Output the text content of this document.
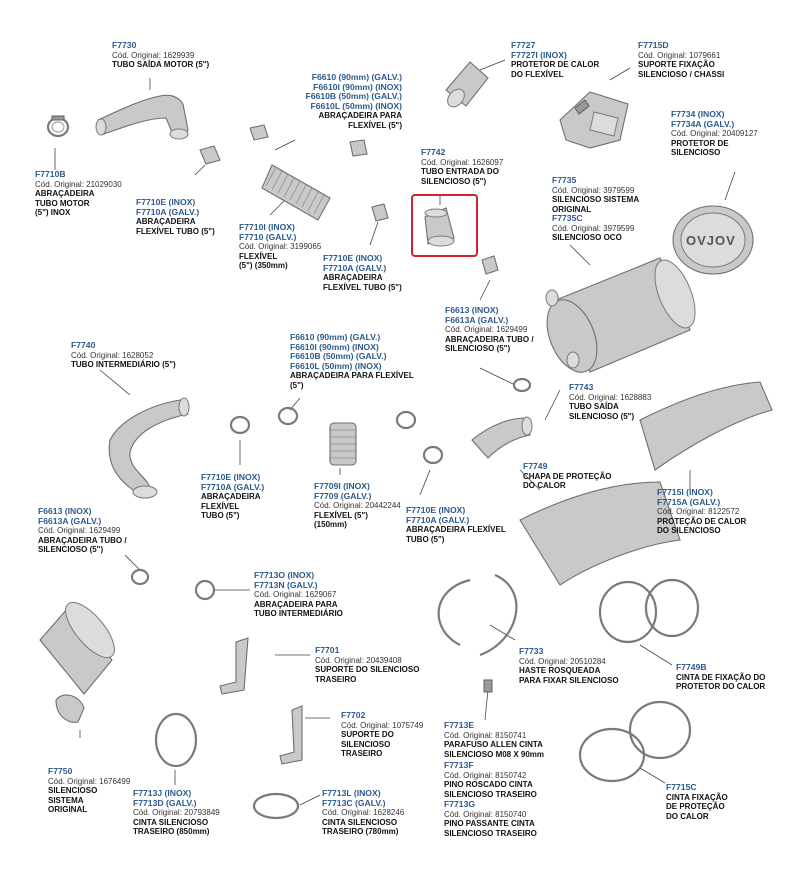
OVJOV
F7730
Cód. Original: 1629939
TUBO SAÍDA MOTOR (5")
F7710B
Cód. Original: 21029030
ABRAÇADEIRA
TUBO MOTOR
(5") INOX
F7710E (INOX)
F7710A (GALV.)
ABRAÇADEIRA
FLEXÍVEL TUBO (5")
F6610 (90mm) (GALV.)
F6610I (90mm) (INOX)
F6610B (50mm) (GALV.)
F6610L (50mm) (INOX)
ABRAÇADEIRA PARA
FLEXÍVEL (5")
F7710I (INOX)
F7710 (GALV.)
Cód. Original: 3199065
FLEXÍVEL
(5") (350mm)
F7710E (INOX)
F7710A (GALV.)
ABRAÇADEIRA
FLEXÍVEL TUBO (5")
F7742
Cód. Original: 1626097
TUBO ENTRADA DO
SILENCIOSO (5")
F7727
F7727I (INOX)
PROTETOR DE CALOR
DO FLEXÍVEL
F7715D
Cód. Original: 1079661
SUPORTE FIXAÇÃO
SILENCIOSO / CHASSI
F7734 (INOX)
F7734A (GALV.)
Cód. Original: 20409127
PROTETOR DE
SILENCIOSO
F7735
Cód. Original: 3979599
SILENCIOSO SISTEMA
ORIGINAL
F7735C
Cód. Original: 3979599
SILENCIOSO OCO
F6613 (INOX)
F6613A (GALV.)
Cód. Original: 1629499
ABRAÇADEIRA TUBO /
SILENCIOSO (5")
F7740
Cód. Original: 1628052
TUBO INTERMEDIÁRIO (5")
F6610 (90mm) (GALV.)
F6610I (90mm) (INOX)
F6610B (50mm) (GALV.)
F6610L (50mm) (INOX)
ABRAÇADEIRA PARA FLEXÍVEL
(5")	F7743
Cód. Original: 1628883
TUBO SAÍDA
SILENCIOSO (5")
F7710E (INOX)
F7710A (GALV.)
ABRAÇADEIRA
FLEXÍVEL
TUBO (5")
F7709I (INOX)
F7709 (GALV.)
Cód. Original: 20442244
FLEXÍVEL (5")
(150mm)
F7710E (INOX)
F7710A (GALV.)
ABRAÇADEIRA FLEXÍVEL
TUBO (5")
F7749
CHAPA DE PROTEÇÃO
DO CALOR
F7715I (INOX)
F7715A (GALV.)
Cód. Original: 8122572
PROTEÇÃO DE CALOR
DO SILENCIOSO
F6613 (INOX)
F6613A (GALV.)
Cód. Original: 1629499
ABRAÇADEIRA TUBO /
SILENCIOSO (5")
F7713O (INOX)
F7713N (GALV.)
Cód. Original: 1629067
ABRAÇADEIRA PARA
TUBO INTERMEDIÁRIO
F7701
Cód. Original: 20439408
SUPORTE DO SILENCIOSO
TRASEIRO
F7733
Cód. Original: 20510284
HASTE ROSQUEADA
PARA FIXAR SILENCIOSO
F7749B
CINTA DE FIXAÇÃO DO
PROTETOR DO CALOR
F7702
Cód. Original: 1075749
SUPORTE DO
SILENCIOSO
TRASEIRO
F7713E
Cód. Original: 8150741
PARAFUSO ALLEN CINTA
SILENCIOSO M08 X 90mm
F7713F
Cód. Original: 8150742
PINO ROSCADO CINTA
SILENCIOSO TRASEIRO
F7713G
Cód. Original: 8150740
PINO PASSANTE CINTA
SILENCIOSO TRASEIRO
F7750
Cód. Original: 1676499
SILENCIOSO
SISTEMA
ORIGINAL
F7713J (INOX)
F7713D (GALV.)
Cód. Original: 20793849
CINTA SILENCIOSO
TRASEIRO (850mm)
F7713L (INOX)
F7713C (GALV.)
Cód. Original: 1628246
CINTA SILENCIOSO
TRASEIRO (780mm)
F7715C
CINTA FIXAÇÃO
DE PROTEÇÃO
DO CALOR
